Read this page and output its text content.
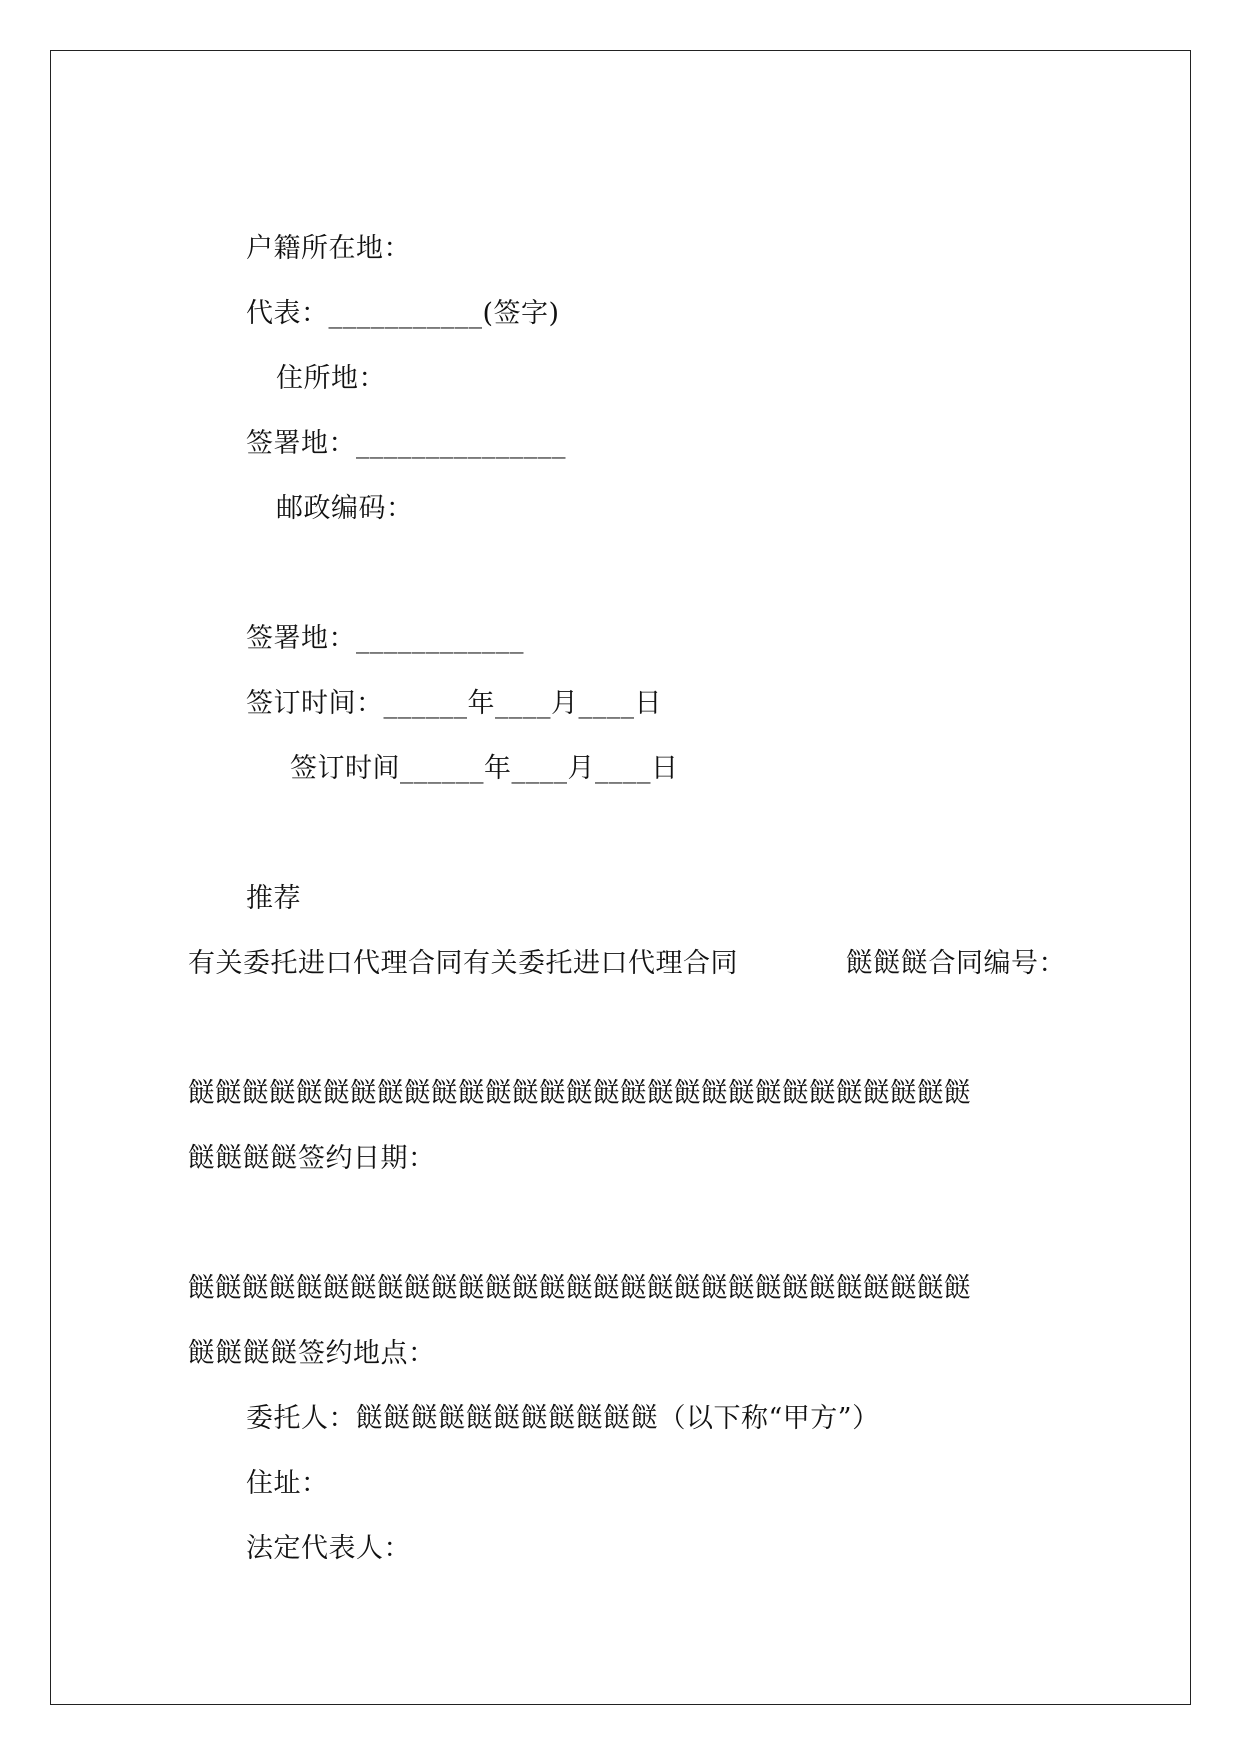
户籍所在地：
代表：___________(签字)
住所地：
签署地：_______________
邮政编码：
签署地：____________
签订时间：______年____月____日
签订时间______年____月____日
推荐
有关委托进口代理合同有关委托进口代理合同	餸餸餸合同编号：
餸餸餸餸餸餸餸餸餸餸餸餸餸餸餸餸餸餸餸餸餸餸餸餸餸餸餸餸餸
餸餸餸餸签约日期：
餸餸餸餸餸餸餸餸餸餸餸餸餸餸餸餸餸餸餸餸餸餸餸餸餸餸餸餸餸
餸餸餸餸签约地点：
委托人：餸餸餸餸餸餸餸餸餸餸餸（以下称“甲方”）
住址：
法定代表人：
